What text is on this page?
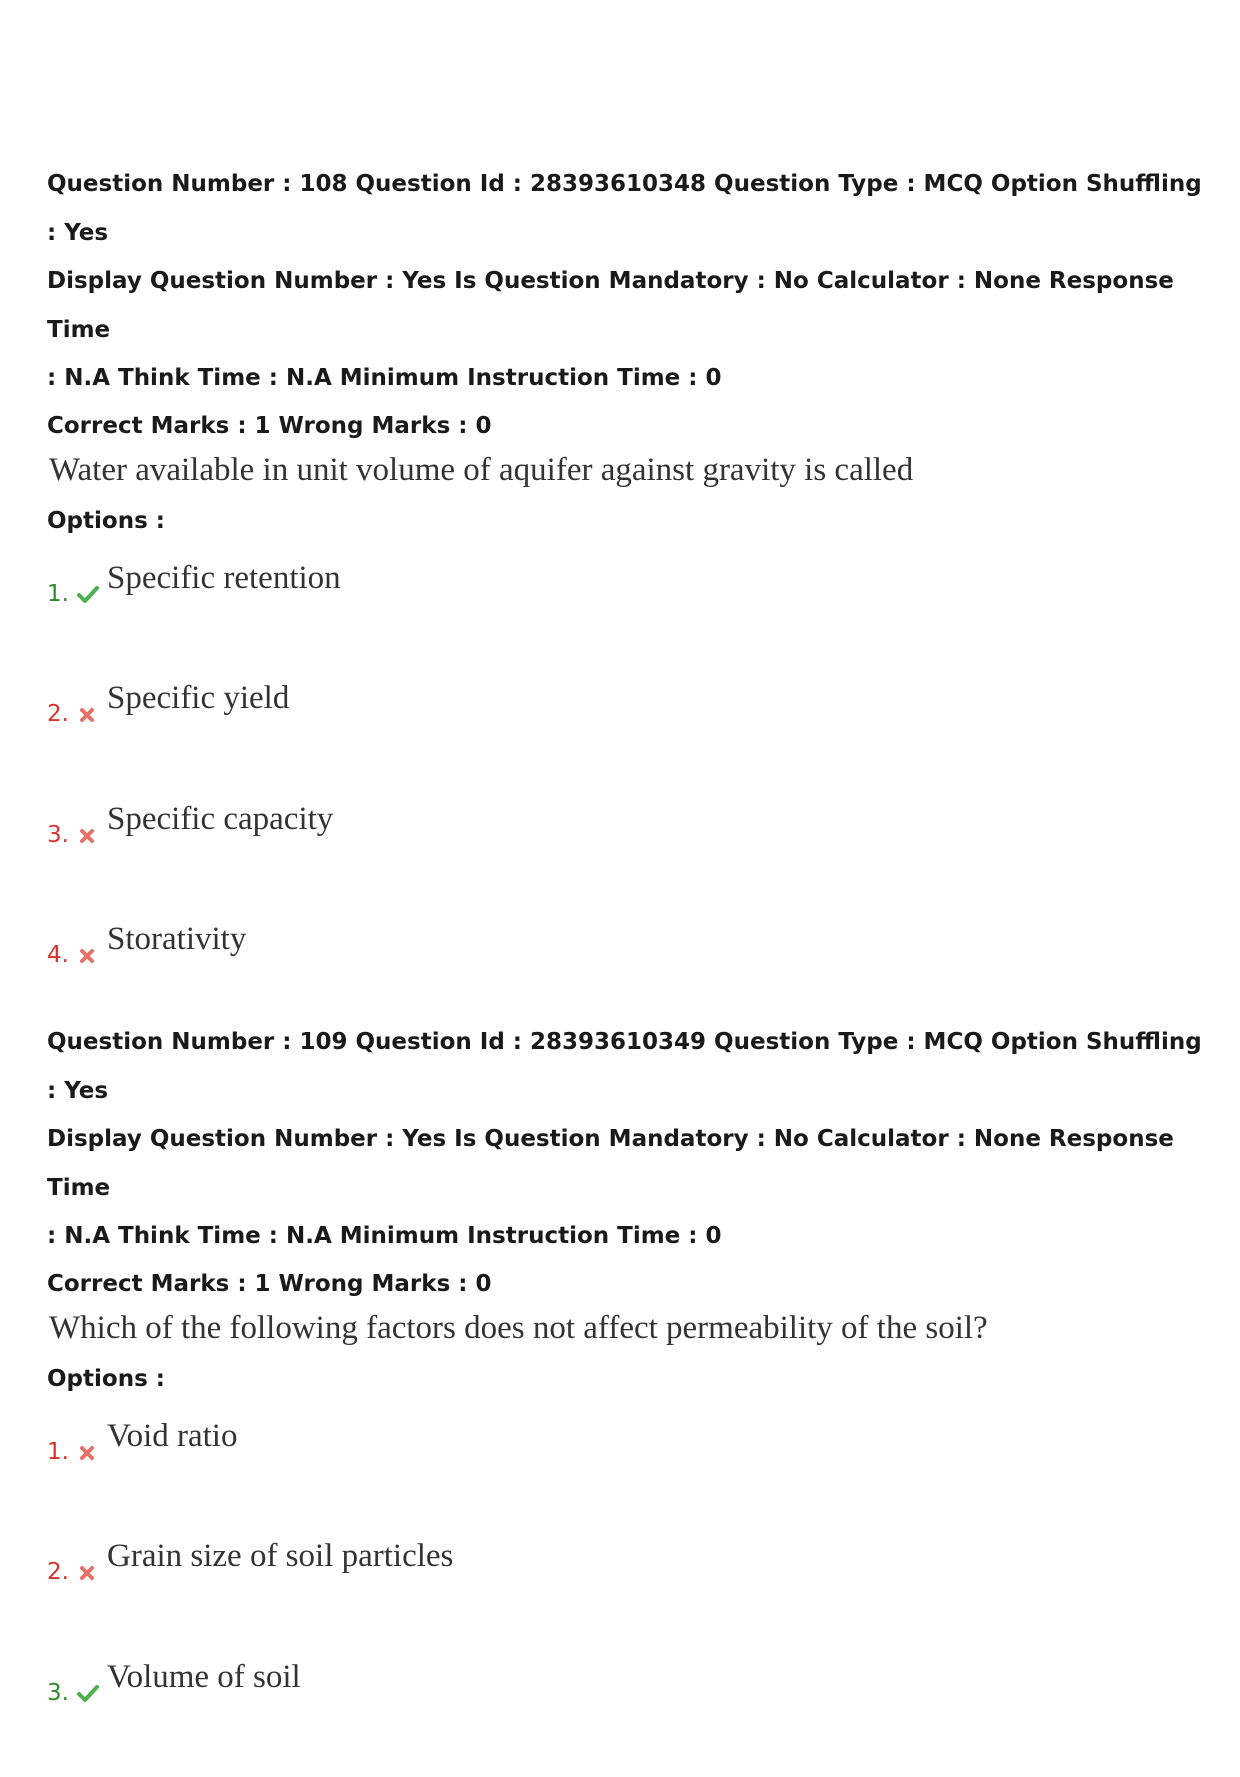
Question Number : 108 Question Id : 28393610348 Question Type : MCQ Option Shuffling : Yes
Display Question Number : Yes Is Question Mandatory : No Calculator : None Response Time
: N.A Think Time : N.A Minimum Instruction Time : 0

Correct Marks : 1 Wrong Marks : 0

Water available in unit volume of aquifer against gravity is called

Options :

1. Specific retention
2. Specific yield
3. Specific capacity
4. Storativity

Question Number : 109 Question Id : 28393610349 Question Type : MCQ Option Shuffling : Yes
Display Question Number : Yes Is Question Mandatory : No Calculator : None Response Time
: N.A Think Time : N.A Minimum Instruction Time : 0

Correct Marks : 1 Wrong Marks : 0

Which of the following factors does not affect permeability of the soil?

Options :

1. Void ratio
2. Grain size of soil particles
3. Volume of soil
